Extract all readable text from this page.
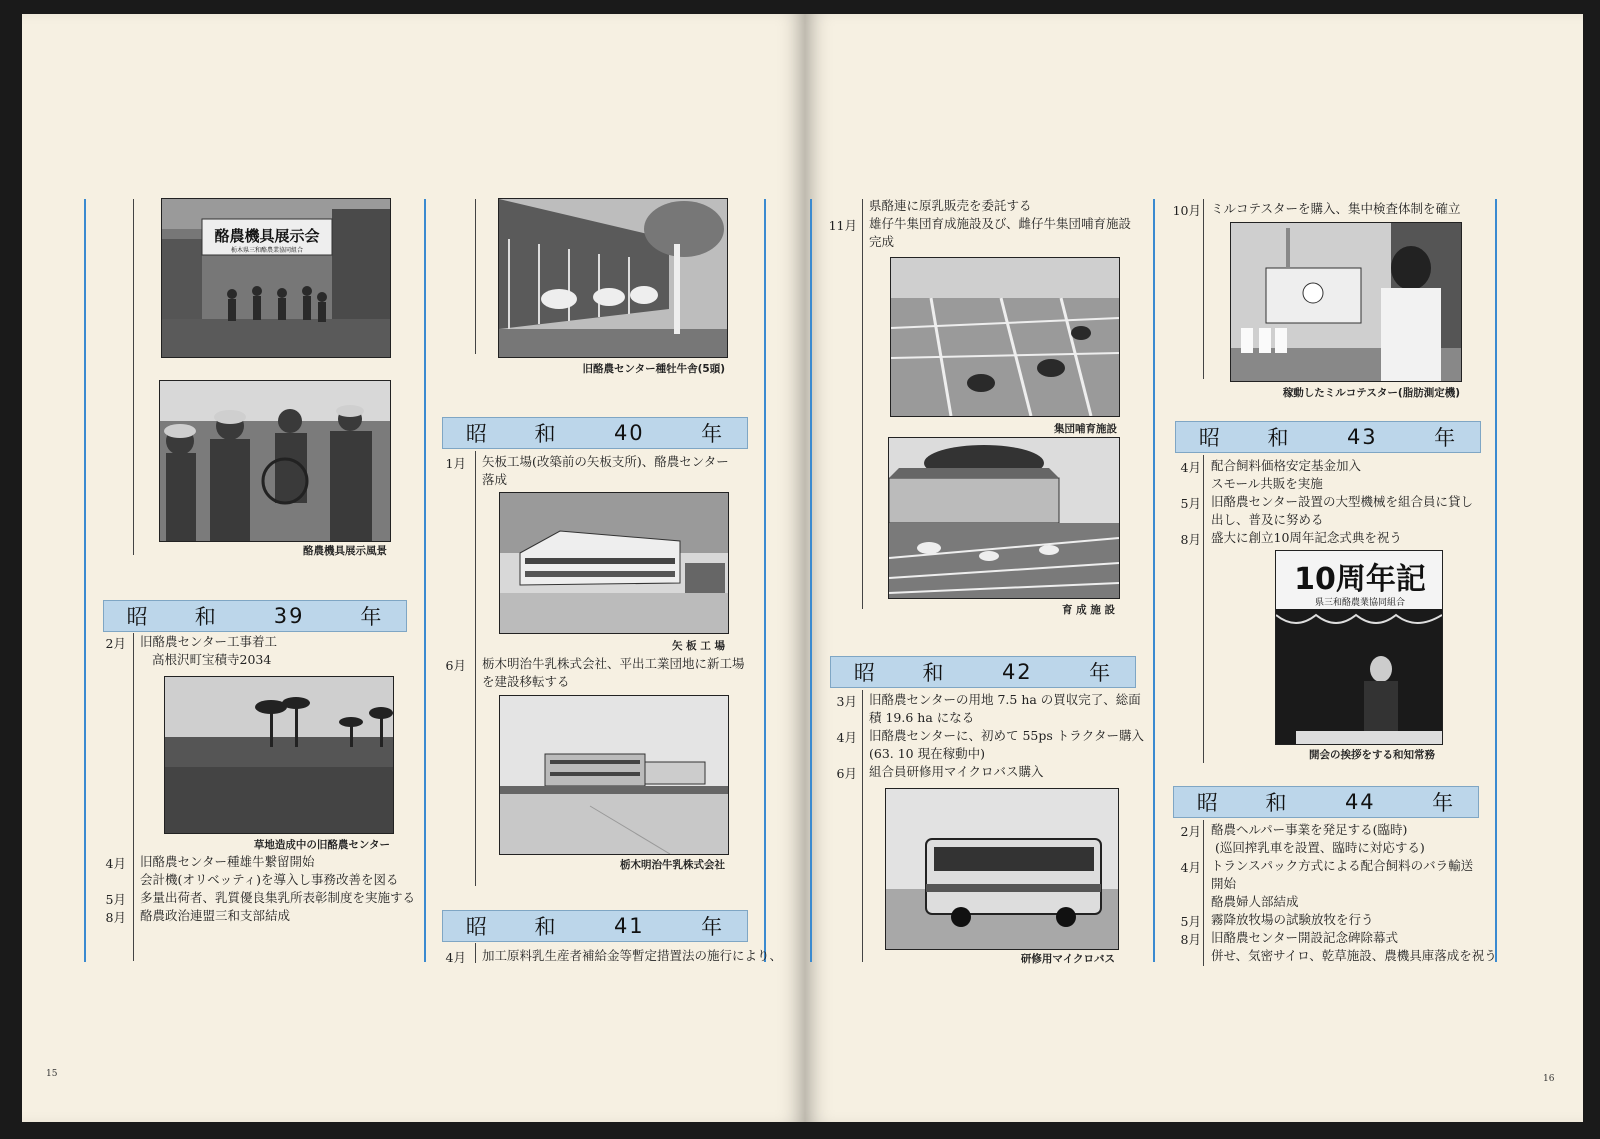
酪農機具展示会
栃木県三和酪農業協同組合
酪農機具展示風景
昭	和	39	年
2月 旧酪農センター工事着工
高根沢町宝積寺2034
草地造成中の旧酪農センター
4月 旧酪農センター種雄牛繋留開始
会計機(オリベッティ)を導入し事務改善を図る
5月 多量出荷者、乳質優良集乳所表彰制度を実施する
8月 酪農政治連盟三和支部結成
旧酪農センター種牡牛舎(5頭)
昭	和	40	年
1月 矢板工場(改築前の矢板支所)、酪農センター
落成
矢 板 工 場
6月 栃木明治牛乳株式会社、平出工業団地に新工場
を建設移転する
栃木明治牛乳株式会社
昭	和	41	年
4月 加工原料乳生産者補給金等暫定措置法の施行により、
15
県酪連に原乳販売を委託する
11月 雄仔牛集団育成施設及び、雌仔牛集団哺育施設
完成
集団哺育施設
育 成 施 設
昭	和	42	年
3月 旧酪農センターの用地 7.5 ha の買収完了、総面
積 19.6 ha になる
4月 旧酪農センターに、初めて 55ps トラクター購入
(63. 10 現在稼動中)
6月 組合員研修用マイクロバス購入
研修用マイクロバス
10月 ミルコテスターを購入、集中検査体制を確立
稼動したミルコテスター(脂肪測定機)
昭	和	43	年
4月 配合飼料価格安定基金加入
スモール共販を実施
5月 旧酪農センター設置の大型機械を組合員に貸し
出し、普及に努める
8月 盛大に創立10周年記念式典を祝う
10周年記
県三和酪農業協同組合
開会の挨拶をする和知常務
昭	和	44	年
2月 酪農ヘルパー事業を発足する(臨時)
(巡回搾乳車を設置、臨時に対応する)
4月 トランスパック方式による配合飼料のバラ輸送
開始
酪農婦人部結成
5月 霧降放牧場の試験放牧を行う
8月 旧酪農センター開設記念碑除幕式
併せ、気密サイロ、乾草施設、農機具庫落成を祝う
16
